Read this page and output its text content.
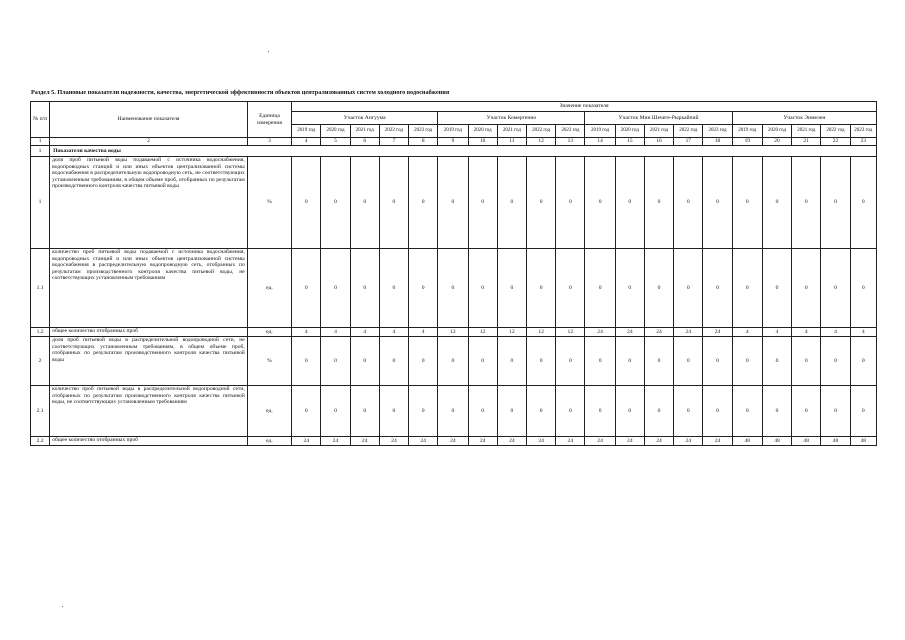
Раздел 5. Плановые показатели надежности, качества, энергетической эффективности объектов централизованных систем холодного водоснабжения
№ п/п	Наименование показателя	Единица измерения	Значение показателя																			
			Участок Ангуума					Участок Комергенно					Участок Мин Шечеге-Рыркайпий					Участок Энмелен				
			2019 год	2020 год	2021 год	2022 год	2023 год	2019 год	2020 год	2021 год	2022 год	2023 год	2019 год	2020 год	2021 год	2022 год	2023 год	2019 год	2020 год	2021 год	2022 год	2023 год
1	2	3	4	5	6	7	8	9	10	11	12	13	14	15	16	17	18	19	20	21	22	23
1	Показатели качества воды																					
1	доля проб питьевой воды подаваемой с источника водоснабжения, водопроводных станций и или иных объектов централизованной системы водоснабжения в распределительную водопроводную сеть, не соответствующих установленным требованиям, в общем объеме проб, отобранных по результатам производственного контроля качества питьевой воды	%	0	0	0	0	0	0	0	0	0	0	0	0	0	0	0	0	0	0	0	0
1.1	количество проб питьевой воды подаваемой с источника водоснабжения, водопроводных станций и или иных объектов централизованной системы водоснабжения в распределительную водопроводную сеть, отобранных по результатам производственного контроля качества питьевой воды, не соответствующих установленным требованиям	ед.	0	0	0	0	0	0	0	0	0	0	0	0	0	0	0	0	0	0	0	0
1.2	общее количество отобранных проб	ед.	4	4	4	4	4	12	12	12	12	12	24	24	24	24	24	4	4	4	4	4
2	доля проб питьевой воды в распределительной водопроводной сети, не соответствующих установленным требованиям, в общем объеме проб, отобранных по результатам производственного контроля качества питьевой воды	%	0	0	0	0	0	0	0	0	0	0	0	0	0	0	0	0	0	0	0	0
2.1	количество проб питьевой воды в распределительной водопроводной сети, отобранных по результатам производственного контроля качества питьевой воды, не соответствующих установленным требованиям	ед.	0	0	0	0	0	0	0	0	0	0	0	0	0	0	0	0	0	0	0	0
2.2	общее количество отобранных проб	ед.	24	24	24	24	24	24	24	24	24	24	24	24	24	24	24	48	48	48	48	48
